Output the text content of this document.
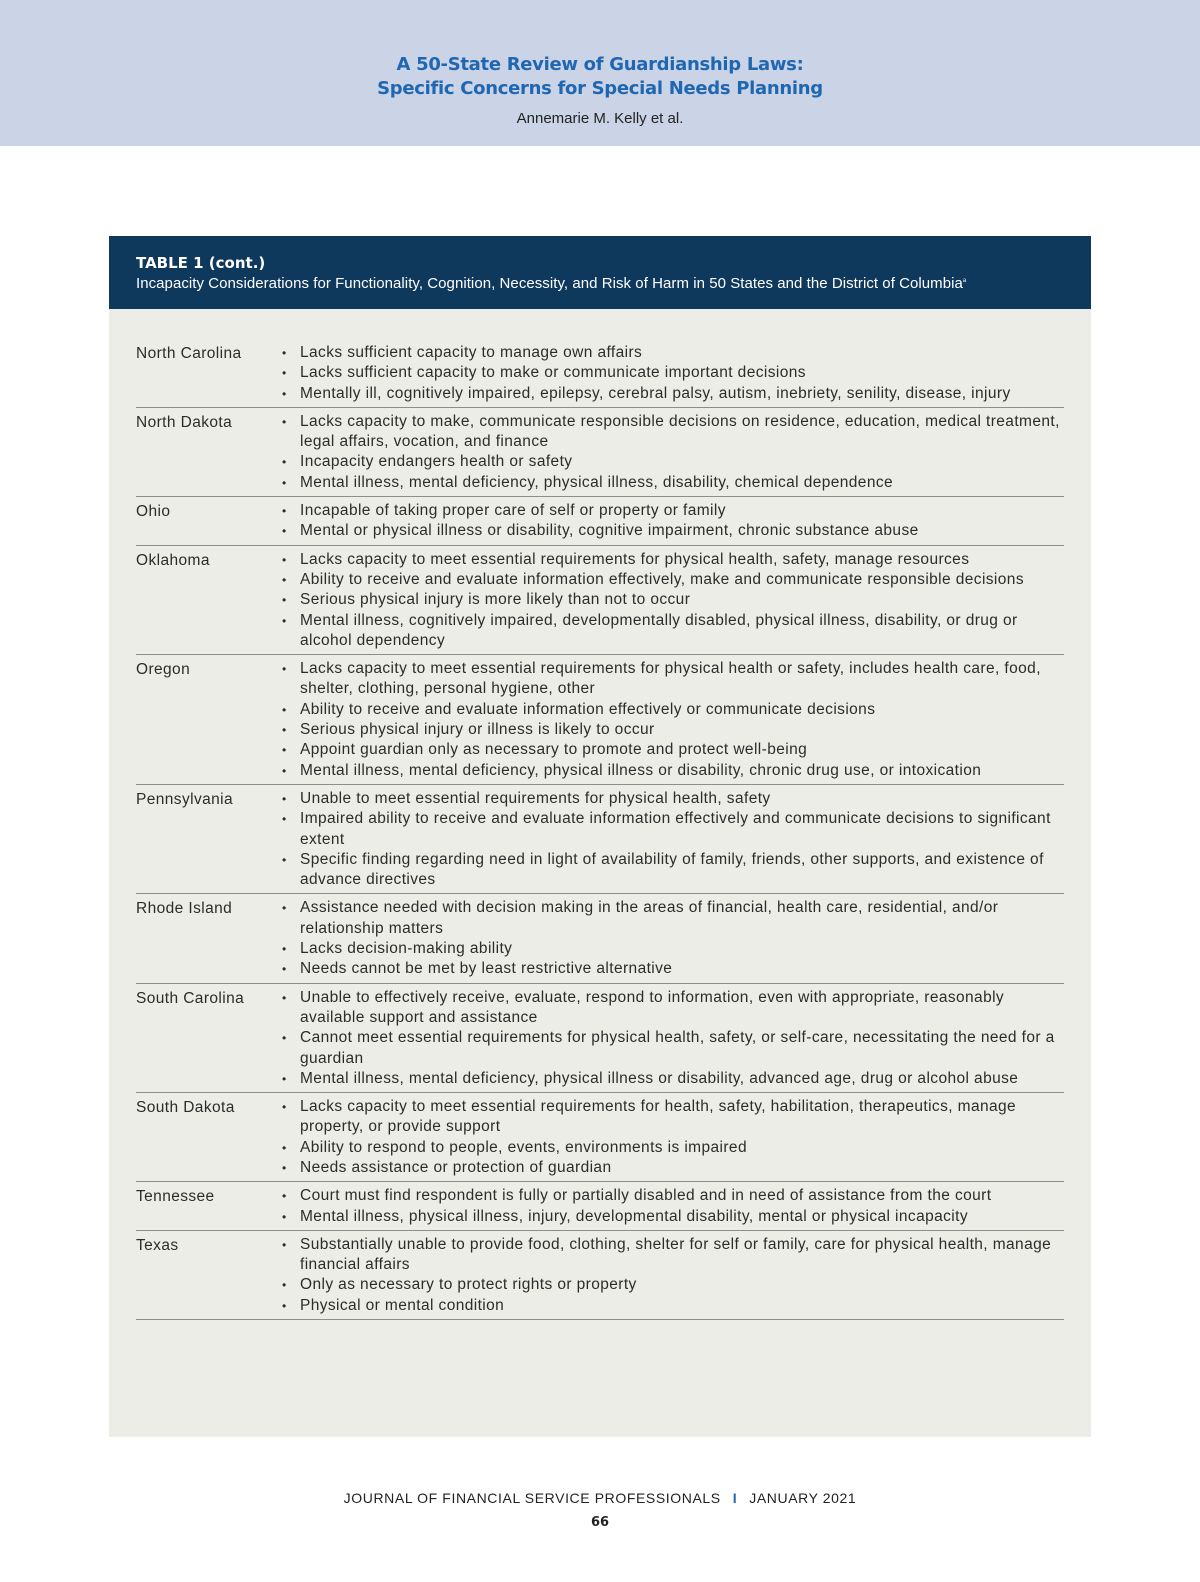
A 50-State Review of Guardianship Laws:
Specific Concerns for Special Needs Planning
Annemarie M. Kelly et al.
TABLE 1 (cont.)
Incapacity Considerations for Functionality, Cognition, Necessity, and Risk of Harm in 50 States and the District of Columbia$^a$
North Carolina	• Lacks sufficient capacity to manage own affairs
• Lacks sufficient capacity to make or communicate important decisions
• Mentally ill, cognitively impaired, epilepsy, cerebral palsy, autism, inebriety, senility, disease, injury
North Dakota	• Lacks capacity to make, communicate responsible decisions on residence, education, medical treatment, legal affairs, vocation, and finance
• Incapacity endangers health or safety
• Mental illness, mental deficiency, physical illness, disability, chemical dependence
Ohio	• Incapable of taking proper care of self or property or family
• Mental or physical illness or disability, cognitive impairment, chronic substance abuse
Oklahoma	• Lacks capacity to meet essential requirements for physical health, safety, manage resources
• Ability to receive and evaluate information effectively, make and communicate responsible decisions
• Serious physical injury is more likely than not to occur
• Mental illness, cognitively impaired, developmentally disabled, physical illness, disability, or drug or alcohol dependency
Oregon	• Lacks capacity to meet essential requirements for physical health or safety, includes health care, food, shelter, clothing, personal hygiene, other
• Ability to receive and evaluate information effectively or communicate decisions
• Serious physical injury or illness is likely to occur
• Appoint guardian only as necessary to promote and protect well-being
• Mental illness, mental deficiency, physical illness or disability, chronic drug use, or intoxication
Pennsylvania	• Unable to meet essential requirements for physical health, safety
• Impaired ability to receive and evaluate information effectively and communicate decisions to significant extent
• Specific finding regarding need in light of availability of family, friends, other supports, and existence of advance directives
Rhode Island	• Assistance needed with decision making in the areas of financial, health care, residential, and/or relationship matters
• Lacks decision-making ability
• Needs cannot be met by least restrictive alternative
South Carolina	• Unable to effectively receive, evaluate, respond to information, even with appropriate, reasonably available support and assistance
• Cannot meet essential requirements for physical health, safety, or self-care, necessitating the need for a guardian
• Mental illness, mental deficiency, physical illness or disability, advanced age, drug or alcohol abuse
South Dakota	• Lacks capacity to meet essential requirements for health, safety, habilitation, therapeutics, manage property, or provide support
• Ability to respond to people, events, environments is impaired
• Needs assistance or protection of guardian
Tennessee	• Court must find respondent is fully or partially disabled and in need of assistance from the court
• Mental illness, physical illness, injury, developmental disability, mental or physical incapacity
Texas	• Substantially unable to provide food, clothing, shelter for self or family, care for physical health, manage financial affairs
• Only as necessary to protect rights or property
• Physical or mental condition
JOURNAL OF FINANCIAL SERVICE PROFESSIONALS I JANUARY 2021
66
